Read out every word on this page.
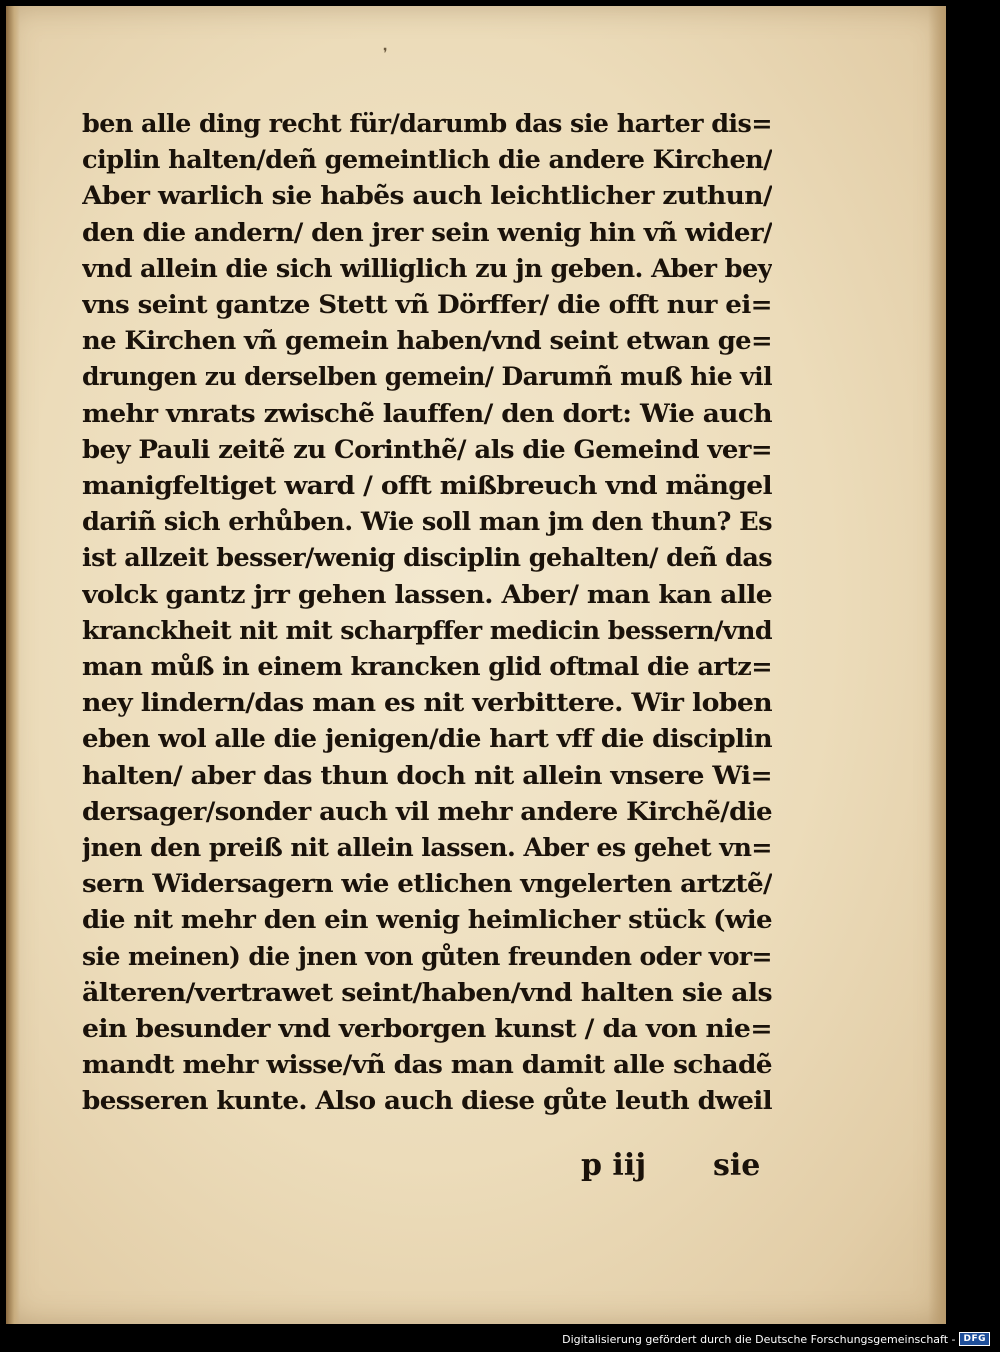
❜
ben alle ding recht für/darumb das sie harter dis=
ciplin halten/deñ gemeintlich die andere Kirchen/
Aber warlich sie habẽs auch leichtlicher zuthun/
den die andern/ den jrer sein wenig hin vñ wider/
vnd allein die sich williglich zu jn geben. Aber bey
vns seint gantze Stett vñ Dörffer/ die offt nur ei=
ne Kirchen vñ gemein haben/vnd seint etwan ge=
drungen zu derselben gemein/ Darumñ muß hie vil
mehr vnrats zwischẽ lauffen/ den dort: Wie auch
bey Pauli zeitẽ zu Corinthẽ/ als die Gemeind ver=
manigfeltiget ward / offt mißbreuch vnd mängel
dariñ sich erhůben. Wie soll man jm den thun? Es
ist allzeit besser/wenig disciplin gehalten/ deñ das
volck gantz jrr gehen lassen. Aber/ man kan alle
kranckheit nit mit scharpffer medicin bessern/vnd
man můß in einem krancken glid oftmal die artz=
ney lindern/das man es nit verbittere. Wir loben
eben wol alle die jenigen/die hart vff die disciplin
halten/ aber das thun doch nit allein vnsere Wi=
dersager/sonder auch vil mehr andere Kirchẽ/die
jnen den preiß nit allein lassen. Aber es gehet vn=
sern Widersagern wie etlichen vngelerten artztẽ/
die nit mehr den ein wenig heimlicher stück (wie
sie meinen) die jnen von gůten freunden oder vor=
älteren/vertrawet seint/haben/vnd halten sie als
ein besunder vnd verborgen kunst / da von nie=
mandt mehr wisse/vñ das man damit alle schadẽ
besseren kunte. Also auch diese gůte leuth dweil
p iij sie
Digitalisierung gefördert durch die Deutsche Forschungsgemeinschaft - DFG
